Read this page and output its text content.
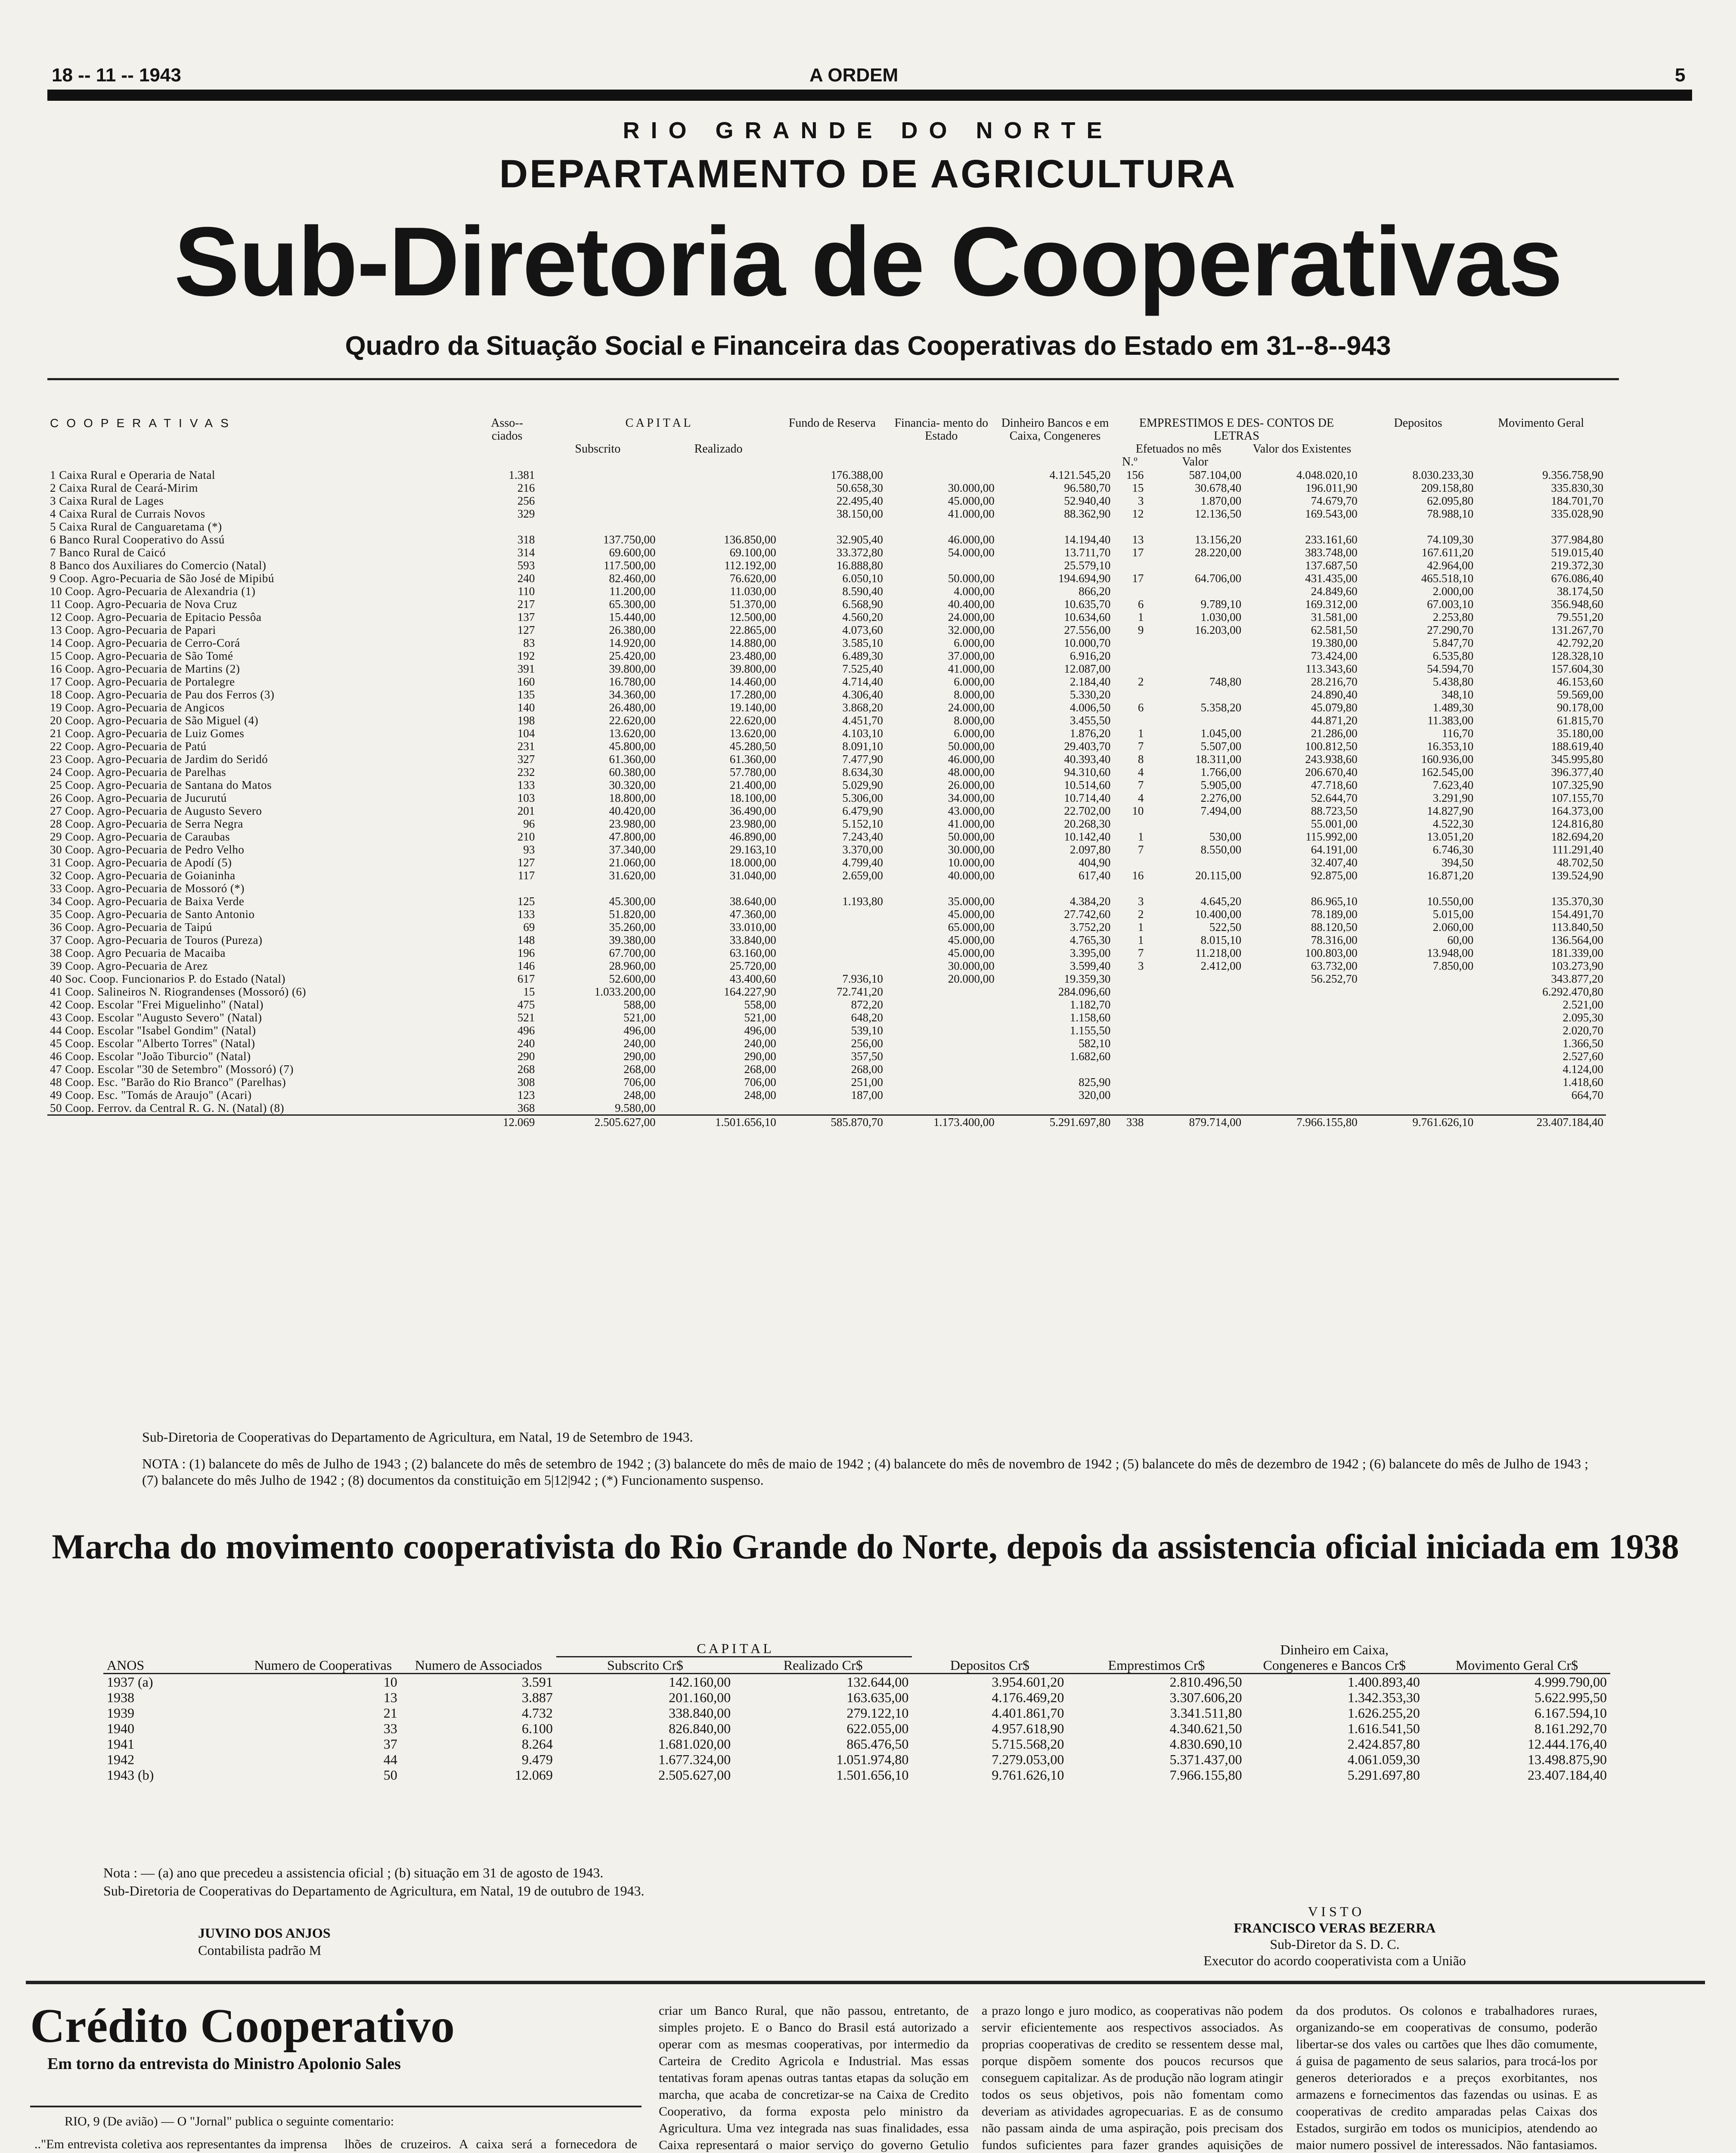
18 -- 11 -- 1943	A ORDEM	5
RIO GRANDE DO NORTE
DEPARTAMENTO DE AGRICULTURA
Sub-Diretoria de Cooperativas
Quadro da Situação Social e Financeira das Cooperativas do Estado em 31--8--943
COOPERATIVAS	Asso-- ciados	C A P I T A L		Fundo de Reserva	Financia- mento do Estado	Dinheiro Bancos e em Caixa, Congeneres	EMPRESTIMOS E DES- CONTOS DE LETRAS			Depositos	Movimento Geral
		Subscrito	Realizado				Efetuados no mês		Valor dos Existentes		
							N.º	Valor			
1 Caixa Rural e Operaria de Natal	1.381			176.388,00		4.121.545,20	156	587.104,00	4.048.020,10	8.030.233,30	9.356.758,90
2 Caixa Rural de Ceará-Mirim	216			50.658,30	30.000,00	96.580,70	15	30.678,40	196.011,90	209.158,80	335.830,30
3 Caixa Rural de Lages	256			22.495,40	45.000,00	52.940,40	3	1.870,00	74.679,70	62.095,80	184.701,70
4 Caixa Rural de Currais Novos	329			38.150,00	41.000,00	88.362,90	12	12.136,50	169.543,00	78.988,10	335.028,90
5 Caixa Rural de Canguaretama (*)											
6 Banco Rural Cooperativo do Assú	318	137.750,00	136.850,00	32.905,40	46.000,00	14.194,40	13	13.156,20	233.161,60	74.109,30	377.984,80
7 Banco Rural de Caicó	314	69.600,00	69.100,00	33.372,80	54.000,00	13.711,70	17	28.220,00	383.748,00	167.611,20	519.015,40
8 Banco dos Auxiliares do Comercio (Natal)	593	117.500,00	112.192,00	16.888,80		25.579,10			137.687,50	42.964,00	219.372,30
9 Coop. Agro-Pecuaria de São José de Mipibú	240	82.460,00	76.620,00	6.050,10	50.000,00	194.694,90	17	64.706,00	431.435,00	465.518,10	676.086,40
10 Coop. Agro-Pecuaria de Alexandria (1)	110	11.200,00	11.030,00	8.590,40	4.000,00	866,20			24.849,60	2.000,00	38.174,50
11 Coop. Agro-Pecuaria de Nova Cruz	217	65.300,00	51.370,00	6.568,90	40.400,00	10.635,70	6	9.789,10	169.312,00	67.003,10	356.948,60
12 Coop. Agro-Pecuaria de Epitacio Pessôa	137	15.440,00	12.500,00	4.560,20	24.000,00	10.634,60	1	1.030,00	31.581,00	2.253,80	79.551,20
13 Coop. Agro-Pecuaria de Papari	127	26.380,00	22.865,00	4.073,60	32.000,00	27.556,00	9	16.203,00	62.581,50	27.290,70	131.267,70
14 Coop. Agro-Pecuaria de Cerro-Corá	83	14.920,00	14.880,00	3.585,10	6.000,00	10.000,70			19.380,00	5.847,70	42.792,20
15 Coop. Agro-Pecuaria de São Tomé	192	25.420,00	23.480,00	6.489,30	37.000,00	6.916,20			73.424,00	6.535,80	128.328,10
16 Coop. Agro-Pecuaria de Martins (2)	391	39.800,00	39.800,00	7.525,40	41.000,00	12.087,00			113.343,60	54.594,70	157.604,30
17 Coop. Agro-Pecuaria de Portalegre	160	16.780,00	14.460,00	4.714,40	6.000,00	2.184,40	2	748,80	28.216,70	5.438,80	46.153,60
18 Coop. Agro-Pecuaria de Pau dos Ferros (3)	135	34.360,00	17.280,00	4.306,40	8.000,00	5.330,20			24.890,40	348,10	59.569,00
19 Coop. Agro-Pecuaria de Angicos	140	26.480,00	19.140,00	3.868,20	24.000,00	4.006,50	6	5.358,20	45.079,80	1.489,30	90.178,00
20 Coop. Agro-Pecuaria de São Miguel (4)	198	22.620,00	22.620,00	4.451,70	8.000,00	3.455,50			44.871,20	11.383,00	61.815,70
21 Coop. Agro-Pecuaria de Luiz Gomes	104	13.620,00	13.620,00	4.103,10	6.000,00	1.876,20	1	1.045,00	21.286,00	116,70	35.180,00
22 Coop. Agro-Pecuaria de Patú	231	45.800,00	45.280,50	8.091,10	50.000,00	29.403,70	7	5.507,00	100.812,50	16.353,10	188.619,40
23 Coop. Agro-Pecuaria de Jardim do Seridó	327	61.360,00	61.360,00	7.477,90	46.000,00	40.393,40	8	18.311,00	243.938,60	160.936,00	345.995,80
24 Coop. Agro-Pecuaria de Parelhas	232	60.380,00	57.780,00	8.634,30	48.000,00	94.310,60	4	1.766,00	206.670,40	162.545,00	396.377,40
25 Coop. Agro-Pecuaria de Santana do Matos	133	30.320,00	21.400,00	5.029,90	26.000,00	10.514,60	7	5.905,00	47.718,60	7.623,40	107.325,90
26 Coop. Agro-Pecuaria de Jucurutú	103	18.800,00	18.100,00	5.306,00	34.000,00	10.714,40	4	2.276,00	52.644,70	3.291,90	107.155,70
27 Coop. Agro-Pecuaria de Augusto Severo	201	40.420,00	36.490,00	6.479,90	43.000,00	22.702,00	10	7.494,00	88.723,50	14.827,90	164.373,00
28 Coop. Agro-Pecuaria de Serra Negra	96	23.980,00	23.980,00	5.152,10	41.000,00	20.268,30			55.001,00	4.522,30	124.816,80
29 Coop. Agro-Pecuaria de Caraubas	210	47.800,00	46.890,00	7.243,40	50.000,00	10.142,40	1	530,00	115.992,00	13.051,20	182.694,20
30 Coop. Agro-Pecuaria de Pedro Velho	93	37.340,00	29.163,10	3.370,00	30.000,00	2.097,80	7	8.550,00	64.191,00	6.746,30	111.291,40
31 Coop. Agro-Pecuaria de Apodí (5)	127	21.060,00	18.000,00	4.799,40	10.000,00	404,90			32.407,40	394,50	48.702,50
32 Coop. Agro-Pecuaria de Goianinha	117	31.620,00	31.040,00	2.659,00	40.000,00	617,40	16	20.115,00	92.875,00	16.871,20	139.524,90
33 Coop. Agro-Pecuaria de Mossoró (*)											
34 Coop. Agro-Pecuaria de Baixa Verde	125	45.300,00	38.640,00	1.193,80	35.000,00	4.384,20	3	4.645,20	86.965,10	10.550,00	135.370,30
35 Coop. Agro-Pecuaria de Santo Antonio	133	51.820,00	47.360,00		45.000,00	27.742,60	2	10.400,00	78.189,00	5.015,00	154.491,70
36 Coop. Agro-Pecuaria de Taipú	69	35.260,00	33.010,00		65.000,00	3.752,20	1	522,50	88.120,50	2.060,00	113.840,50
37 Coop. Agro-Pecuaria de Touros (Pureza)	148	39.380,00	33.840,00		45.000,00	4.765,30	1	8.015,10	78.316,00	60,00	136.564,00
38 Coop. Agro Pecuaria de Macaiba	196	67.700,00	63.160,00		45.000,00	3.395,00	7	11.218,00	100.803,00	13.948,00	181.339,00
39 Coop. Agro-Pecuaria de Arez	146	28.960,00	25.720,00		30.000,00	3.599,40	3	2.412,00	63.732,00	7.850,00	103.273,90
40 Soc. Coop. Funcionarios P. do Estado (Natal)	617	52.600,00	43.400,60	7.936,10	20.000,00	19.359,30			56.252,70		343.877,20
41 Coop. Salineiros N. Riograndenses (Mossoró) (6)	15	1.033.200,00	164.227,90	72.741,20		284.096,60					6.292.470,80
42 Coop. Escolar "Frei Miguelinho" (Natal)	475	588,00	558,00	872,20		1.182,70					2.521,00
43 Coop. Escolar "Augusto Severo" (Natal)	521	521,00	521,00	648,20		1.158,60					2.095,30
44 Coop. Escolar "Isabel Gondim" (Natal)	496	496,00	496,00	539,10		1.155,50					2.020,70
45 Coop. Escolar "Alberto Torres" (Natal)	240	240,00	240,00	256,00		582,10					1.366,50
46 Coop. Escolar "João Tiburcio" (Natal)	290	290,00	290,00	357,50		1.682,60					2.527,60
47 Coop. Escolar "30 de Setembro" (Mossoró) (7)	268	268,00	268,00	268,00							4.124,00
48 Coop. Esc. "Barão do Rio Branco" (Parelhas)	308	706,00	706,00	251,00		825,90					1.418,60
49 Coop. Esc. "Tomás de Araujo" (Acari)	123	248,00	248,00	187,00		320,00					664,70
50 Coop. Ferrov. da Central R. G. N. (Natal) (8)	368	9.580,00									
	12.069	2.505.627,00	1.501.656,10	585.870,70	1.173.400,00	5.291.697,80	338	879.714,00	7.966.155,80	9.761.626,10	23.407.184,40
Sub-Diretoria de Cooperativas do Departamento de Agricultura, em Natal, 19 de Setembro de 1943.
NOTA : (1) balancete do mês de Julho de 1943 ; (2) balancete do mês de setembro de 1942 ; (3) balancete do mês de maio de 1942 ; (4) balancete do mês de novembro de 1942 ; (5) balancete do mês de dezembro de 1942 ; (6) balancete do mês de Julho de 1943 ; (7) balancete do mês Julho de 1942 ; (8) documentos da constituição em 5|12|942 ; (*) Funcionamento suspenso.
Marcha do movimento cooperativista do Rio Grande do Norte, depois da assistencia oficial iniciada em 1938
ANOS	Numero de Cooperativas	Numero de Associados	C A P I T A L		Depositos Cr$	Emprestimos Cr$	Dinheiro em Caixa, Congeneres e Bancos Cr$	Movimento Geral Cr$
			Subscrito Cr$	Realizado Cr$				
1937 (a)	10	3.591	142.160,00	132.644,00	3.954.601,20	2.810.496,50	1.400.893,40	4.999.790,00
1938	13	3.887	201.160,00	163.635,00	4.176.469,20	3.307.606,20	1.342.353,30	5.622.995,50
1939	21	4.732	338.840,00	279.122,10	4.401.861,70	3.341.511,80	1.626.255,20	6.167.594,10
1940	33	6.100	826.840,00	622.055,00	4.957.618,90	4.340.621,50	1.616.541,50	8.161.292,70
1941	37	8.264	1.681.020,00	865.476,50	5.715.568,20	4.830.690,10	2.424.857,80	12.444.176,40
1942	44	9.479	1.677.324,00	1.051.974,80	7.279.053,00	5.371.437,00	4.061.059,30	13.498.875,90
1943 (b)	50	12.069	2.505.627,00	1.501.656,10	9.761.626,10	7.966.155,80	5.291.697,80	23.407.184,40
Nota : — (a) ano que precedeu a assistencia oficial ; (b) situação em 31 de agosto de 1943.
Sub-Diretoria de Cooperativas do Departamento de Agricultura, em Natal, 19 de outubro de 1943.
JUVINO DOS ANJOS
Contabilista padrão M
V I S T O
FRANCISCO VERAS BEZERRA
Sub-Diretor da S. D. C.
Executor do acordo cooperativista com a União
Crédito Cooperativo
Em torno da entrevista do Ministro Apolonio Sales
RIO, 9 (De avião) — O "Jornal" publica o seguinte comentario:
.."Em entrevista coletiva aos representantes da imprensa lhões de cruzeiros. A caixa será a fornecedora de
criar um Banco Rural, que não passou, entretanto, de simples projeto. E o Banco do Brasil está autorizado a operar com as mesmas cooperativas, por intermedio da Carteira de Credito Agricola e Industrial. Mas essas tentativas foram apenas outras tantas etapas da solução em marcha, que acaba de concretizar-se na Caixa de Credito Cooperativo, da forma exposta pelo ministro da Agricultura. Uma vez integrada nas suas finalidades, essa Caixa representará o maior serviço do governo Getulio
a prazo longo e juro modico, as cooperativas não podem servir eficientemente aos respectivos associados. As proprias cooperativas de credito se ressentem desse mal, porque dispõem somente dos poucos recursos que conseguem capitalizar. As de produção não logram atingir todos os seus objetivos, pois não fomentam como deveriam as atividades agropecuarias. E as de consumo não passam ainda de uma aspiração, pois precisam dos fundos suficientes para fazer grandes aquisições de
da dos produtos. Os colonos e trabalhadores ruraes, organizando-se em cooperativas de consumo, poderão libertar-se dos vales ou cartões que lhes dão comumente, á guisa de pagamento de seus salarios, para trocá-los por generos deteriorados e a preços exorbitantes, nos armazens e fornecimentos das fazendas ou usinas. E as cooperativas de credito amparadas pelas Caixas dos Estados, surgirão em todos os municipios, atendendo ao maior numero possivel de interessados. Não fantasiamos.
